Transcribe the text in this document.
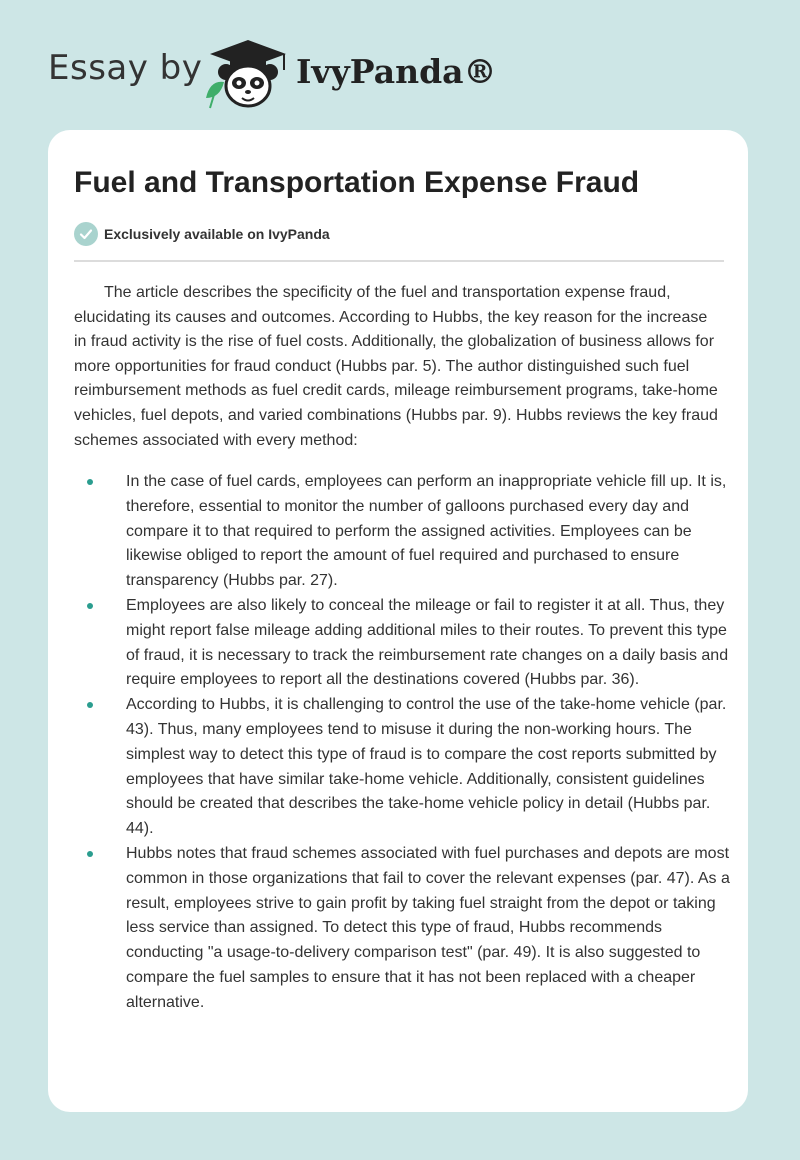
Essay by	IvyPanda®
Fuel and Transportation Expense Fraud
Exclusively available on IvyPanda

The article describes the specificity of the fuel and transportation expense fraud, elucidating its causes and outcomes. According to Hubbs, the key reason for the increase in fraud activity is the rise of fuel costs. Additionally, the globalization of business allows for more opportunities for fraud conduct (Hubbs par. 5). The author distinguished such fuel reimbursement methods as fuel credit cards, mileage reimbursement programs, take-home vehicles, fuel depots, and varied combinations (Hubbs par. 9). Hubbs reviews the key fraud schemes associated with every method:

In the case of fuel cards, employees can perform an inappropriate vehicle fill up. It is, therefore, essential to monitor the number of galloons purchased every day and compare it to that required to perform the assigned activities. Employees can be likewise obliged to report the amount of fuel required and purchased to ensure transparency (Hubbs par. 27).
Employees are also likely to conceal the mileage or fail to register it at all. Thus, they might report false mileage adding additional miles to their routes. To prevent this type of fraud, it is necessary to track the reimbursement rate changes on a daily basis and require employees to report all the destinations covered (Hubbs par. 36).
According to Hubbs, it is challenging to control the use of the take-home vehicle (par. 43). Thus, many employees tend to misuse it during the non-working hours. The simplest way to detect this type of fraud is to compare the cost reports submitted by employees that have similar take-home vehicle. Additionally, consistent guidelines should be created that describes the take-home vehicle policy in detail (Hubbs par. 44).
Hubbs notes that fraud schemes associated with fuel purchases and depots are most common in those organizations that fail to cover the relevant expenses (par. 47). As a result, employees strive to gain profit by taking fuel straight from the depot or taking less service than assigned. To detect this type of fraud, Hubbs recommends conducting "a usage-to-delivery comparison test" (par. 49). It is also suggested to compare the fuel samples to ensure that it has not been replaced with a cheaper alternative.
